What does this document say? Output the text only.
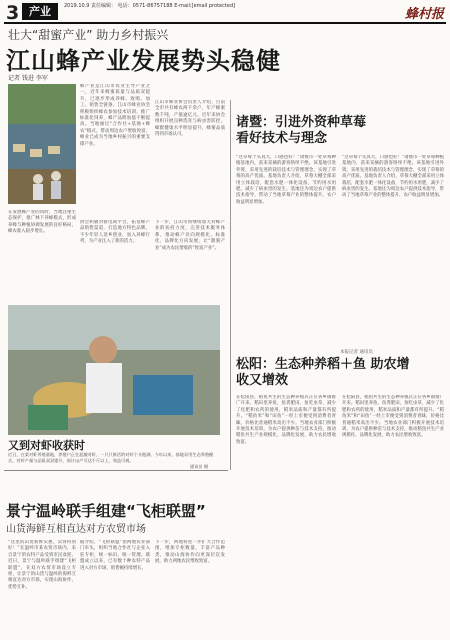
3 产业	2019.10.9 责任编辑： 电话：0571-86757188 E-mail:[email protected]
蜂村报
壮大“甜蜜产业” 助力乡村振兴
江山蜂产业发展势头稳健
记者 钱进 李军
蜂产业是江山市农业主导产业之一，近年来蜂蜜质量与品质双提升，已逐步形成养蜂、收购、加工、销售全链条。江山市蜂业协会积极组织蜂农参加技术培训，推广标准化饲养，蜂产品附加值不断提高。当地通过“合作社+基地+蜂农”模式，带动周边农户增收致富，蜂业已成为当地乡村振兴的重要支撑产业。
江山市蜂业协会负责人介绍，目前全市共有蜂农两千余户，年产蜂蜜数千吨，产值逾亿元。近年来协会组织开展良种选育与病虫害防控，蜂群健康水平明显提升，蜂蜜品质得到市场认可。
在发展蜂产业的同时，当地注重生态保护，推广林下养蜂模式，形成养蜂与种植协调发展的良好格局，蜂农收入稳步增长。
协会积极对接电商平台，拓宽蜂产品销售渠道，打造地方特色品牌。不少年轻人返乡创业，加入养蜂行列，为产业注入了新的活力。
下一步，江山市将继续加大对蜂产业的扶持力度，完善技术服务体系，推动蜂产业向规模化、标准化、品牌化方向发展，让“甜蜜产业”成为农民增收的“致富产业”。
诸暨：引进外资种草莓 看好技术与理念
“这草莓个头真大，口感也好！”诸暨市一处草莓种植基地内，前来采摘的游客络绎不绝。该基地引进外资，采用先进的栽培技术与管理理念，实现了草莓的高产优质。基地负责人介绍，草莓大棚全部采用立体栽培，配套水肥一体化设备，节约用水用肥，减少了病虫害的发生。基地还为周边农户提供技术指导，带动了当地草莓产业的整体提升，农户收益明显增加。
“这草莓个头真大，口感也好！”诸暨市一处草莓种植基地内，前来采摘的游客络绎不绝。该基地引进外资，采用先进的栽培技术与管理理念，实现了草莓的高产优质。基地负责人介绍，草莓大棚全部采用立体栽培，配套水肥一体化设备，节约用水用肥，减少了病虫害的发生。基地还为周边农户提供技术指导，带动了当地草莓产业的整体提升，农户收益明显增加。
本报记者 通讯员
松阳：生态种养稻＋鱼 助农增收又增效
在松阳县，稻鱼共生的生态种养模式正在各乡镇推广开来。稻田里养鱼，鱼粪肥田，鱼吃虫草，减少了化肥和农药的使用，稻米品质和产量都有所提升。“稻鱼米”和“田鱼”一经上市便受到消费者青睐，价格比普通稻米高出不少。当地农业部门积极开展技术培训，为农户提供种苗与技术支持，推动稻鱼共生产业规模化、品牌化发展，助力农民增收致富。
在松阳县，稻鱼共生的生态种养模式正在各乡镇推广开来。稻田里养鱼，鱼粪肥田，鱼吃虫草，减少了化肥和农药的使用，稻米品质和产量都有所提升。“稻鱼米”和“田鱼”一经上市便受到消费者青睐，价格比普通稻米高出不少。当地农业部门积极开展技术培训，为农户提供种苗与技术支持，推动稻鱼共生产业规模化、品牌化发展，助力农民增收致富。
又到对虾收获时
近日，在某对虾养殖基地，养殖户正在起捕对虾，一只只鲜活的对虾个头饱满。今年以来，基地采用生态养殖模式，对虾产量与品质双双提升，预计亩产可达千斤以上，效益可观。
通讯员 摄
景宁温岭联手组建“飞柜联盟”
山货海鲜互相直达对方农贸市场
“这里的山货新鲜实惠，卖得特别好！”在温岭市某农贸市场内，来自景宁的农特产品受到市民欢迎。近日，景宁与温岭联手组建“飞柜联盟”，在双方农贸市场设立专柜，让景宁的山货与温岭的海鲜互相直达对方市场，实现山海协作、优势互补。
据介绍，“飞柜联盟”由两地农业部门牵头，组织当地合作社与企业入驻专柜，统一标识、统一管理。联盟成立以来，已有数十种农特产品进入对方市场，销售额持续增长。
下一步，两地将进一步扩大合作范围，增加专柜数量，丰富产品种类，推动山海协作向更深层次发展，助力两地农民增收致富。
